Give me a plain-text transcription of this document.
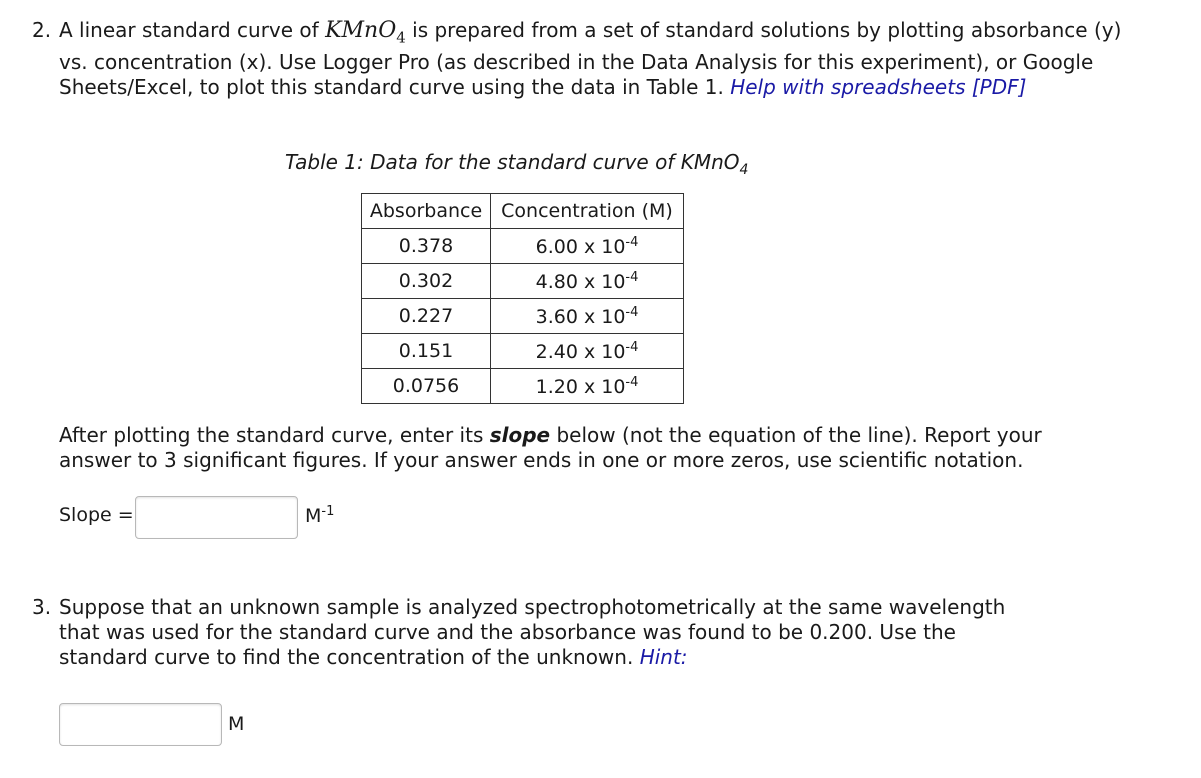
2. A linear standard curve of KMnO$_4$ is prepared from a set of standard solutions by plotting absorbance (y) vs. concentration (x). Use Logger Pro (as described in the Data Analysis for this experiment), or Google Sheets/Excel, to plot this standard curve using the data in Table 1. Help with spreadsheets [PDF]
Table 1: Data for the standard curve of KMnO$_4$
Absorbance	Concentration (M)
0.378	6.00 x $10^{-4}$
0.302	4.80 x $10^{-4}$
0.227	3.60 x $10^{-4}$
0.151	2.40 x $10^{-4}$
0.0756	1.20 x $10^{-4}$
After plotting the standard curve, enter its slope below (not the equation of the line). Report your answer to 3 significant figures. If your answer ends in one or more zeros, use scientific notation.
Slope =	$M^{-1}$
3. Suppose that an unknown sample is analyzed spectrophotometrically at the same wavelength that was used for the standard curve and the absorbance was found to be 0.200. Use the standard curve to find the concentration of the unknown. Hint:
M
